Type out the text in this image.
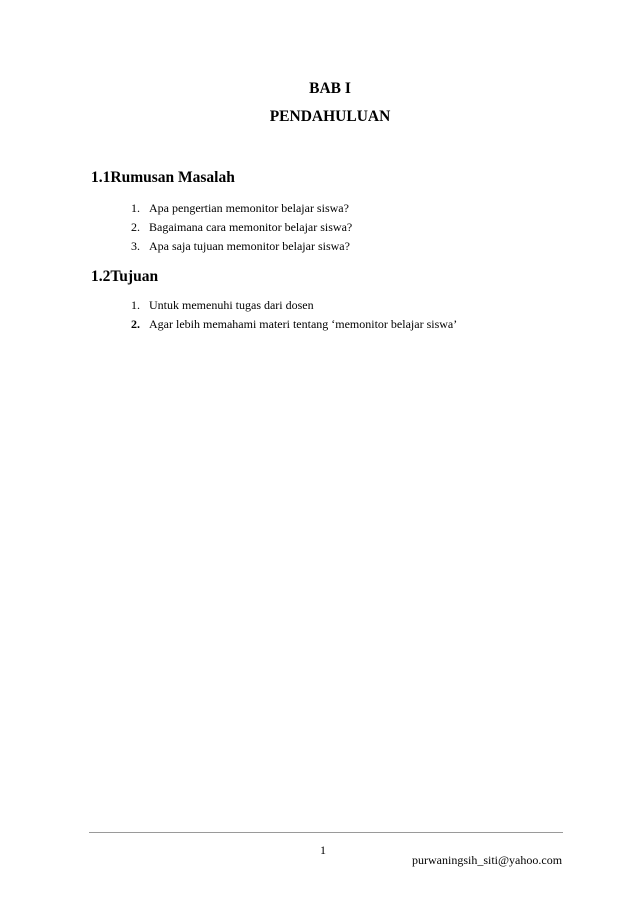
BAB I
PENDAHULUAN
1.1Rumusan Masalah
1. Apa pengertian memonitor belajar siswa?
2. Bagaimana cara memonitor belajar siswa?
3. Apa saja tujuan memonitor belajar siswa?
1.2Tujuan
1. Untuk memenuhi tugas dari dosen
2. Agar lebih memahami materi tentang ‘memonitor belajar siswa’
1
purwaningsih_siti@yahoo.com
